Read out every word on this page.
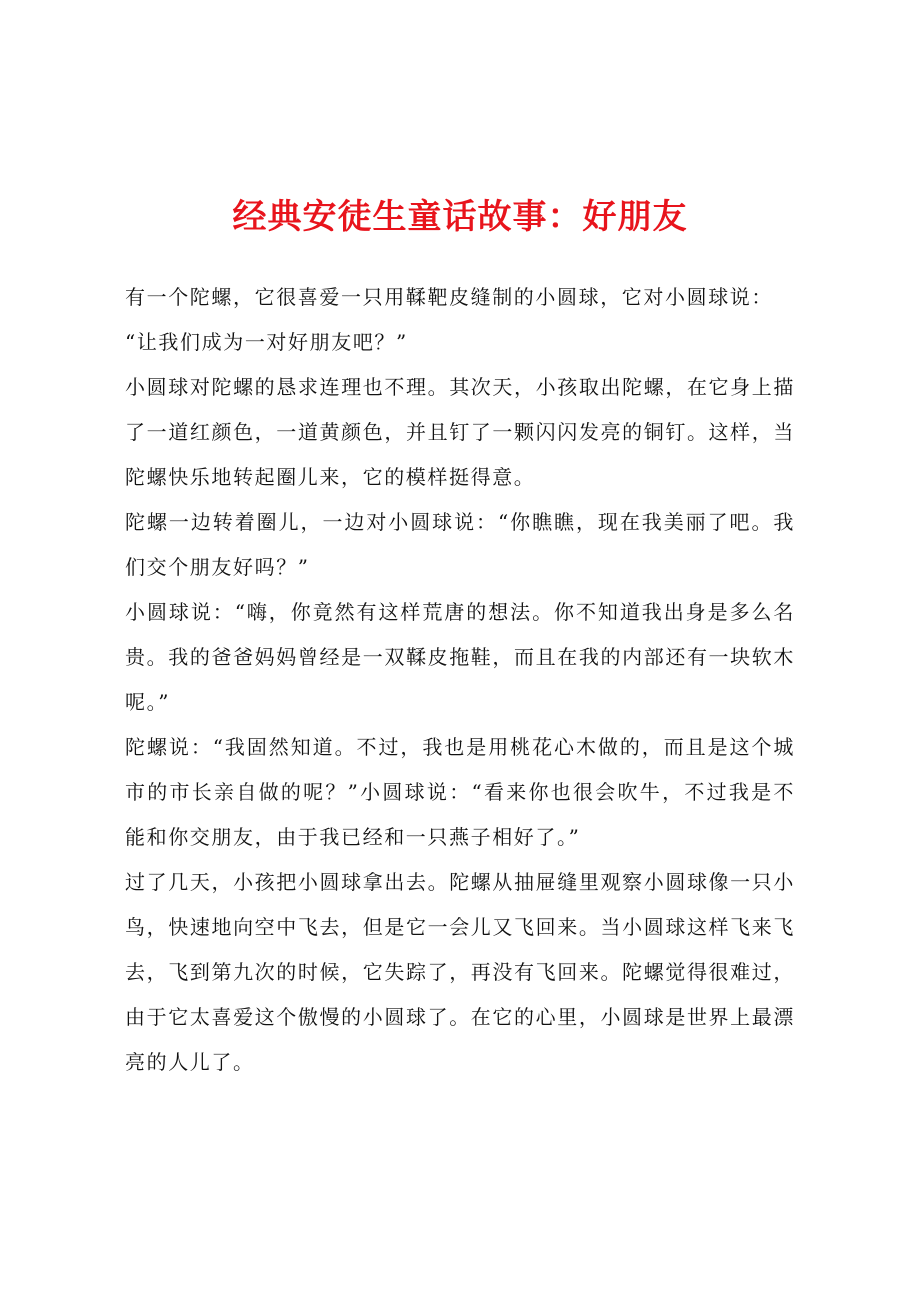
经典安徒生童话故事：好朋友

有一个陀螺，它很喜爱一只用鞣靶皮缝制的小圆球，它对小圆球说：

“让我们成为一对好朋友吧？”

小圆球对陀螺的恳求连理也不理。其次天，小孩取出陀螺，在它身上描了一道红颜色，一道黄颜色，并且钉了一颗闪闪发亮的铜钉。这样，当陀螺快乐地转起圈儿来，它的模样挺得意。

陀螺一边转着圈儿，一边对小圆球说：“你瞧瞧，现在我美丽了吧。我们交个朋友好吗？”

小圆球说：“嗨，你竟然有这样荒唐的想法。你不知道我出身是多么名贵。我的爸爸妈妈曾经是一双鞣皮拖鞋，而且在我的内部还有一块软木呢。”

陀螺说：“我固然知道。不过，我也是用桃花心木做的，而且是这个城市的市长亲自做的呢？”小圆球说：“看来你也很会吹牛，不过我是不能和你交朋友，由于我已经和一只燕子相好了。”

过了几天，小孩把小圆球拿出去。陀螺从抽屉缝里观察小圆球像一只小鸟，快速地向空中飞去，但是它一会儿又飞回来。当小圆球这样飞来飞去，飞到第九次的时候，它失踪了，再没有飞回来。陀螺觉得很难过，由于它太喜爱这个傲慢的小圆球了。在它的心里，小圆球是世界上最漂亮的人儿了。
